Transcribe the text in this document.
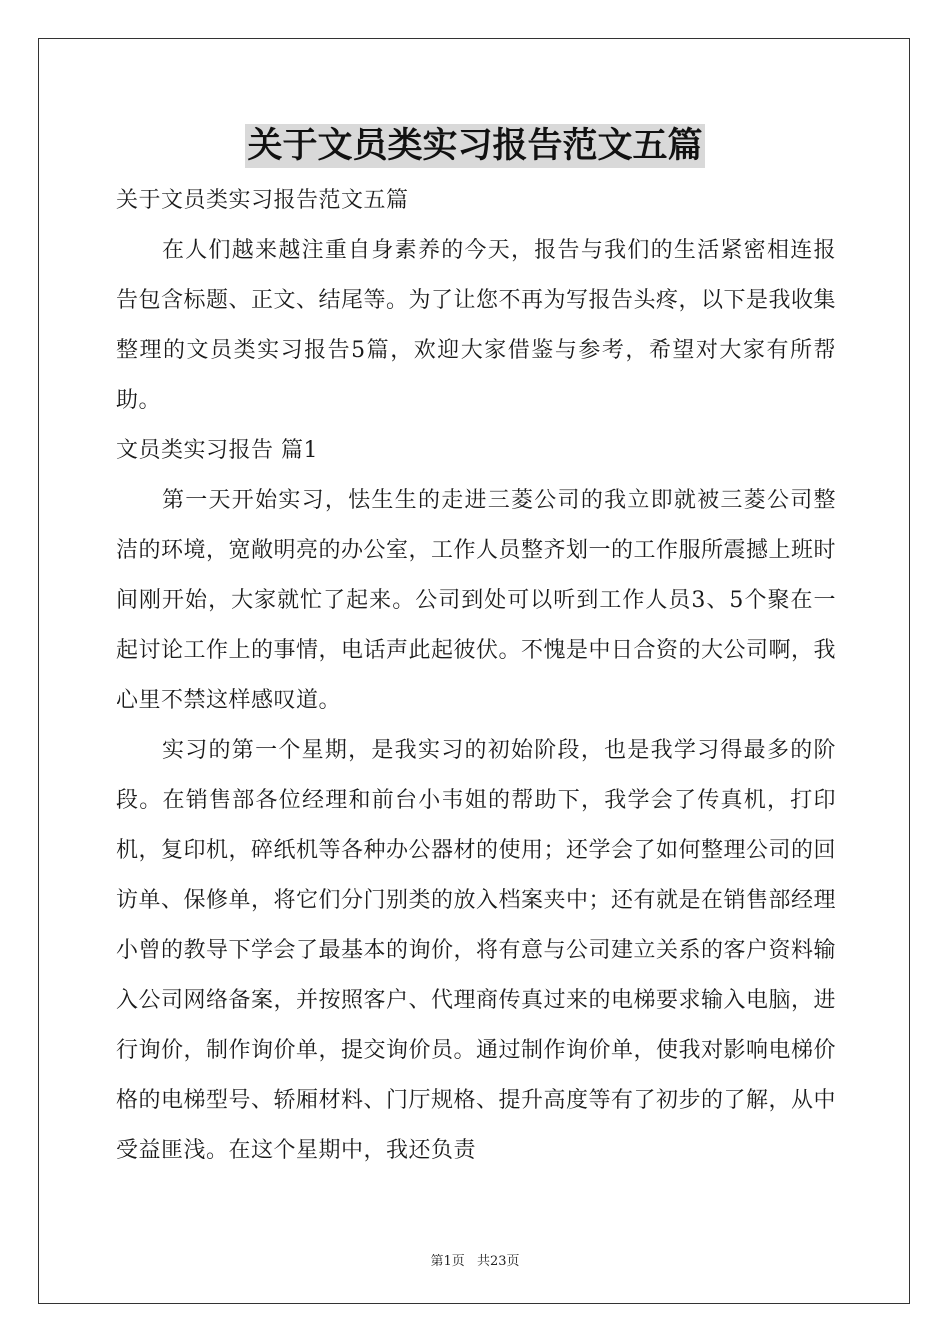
关于文员类实习报告范文五篇

关于文员类实习报告范文五篇

在人们越来越注重自身素养的今天，报告与我们的生活紧密相连报告包含标题、正文、结尾等。为了让您不再为写报告头疼，以下是我收集整理的文员类实习报告5篇，欢迎大家借鉴与参考，希望对大家有所帮助。

文员类实习报告 篇1

第一天开始实习，怯生生的走进三菱公司的我立即就被三菱公司整洁的环境，宽敞明亮的办公室，工作人员整齐划一的工作服所震撼上班时间刚开始，大家就忙了起来。公司到处可以听到工作人员3、5个聚在一起讨论工作上的事情，电话声此起彼伏。不愧是中日合资的大公司啊，我心里不禁这样感叹道。

实习的第一个星期，是我实习的初始阶段，也是我学习得最多的阶段。在销售部各位经理和前台小韦姐的帮助下，我学会了传真机，打印机，复印机，碎纸机等各种办公器材的使用；还学会了如何整理公司的回访单、保修单，将它们分门别类的放入档案夹中；还有就是在销售部经理小曾的教导下学会了最基本的询价，将有意与公司建立关系的客户资料输入公司网络备案，并按照客户、代理商传真过来的电梯要求输入电脑，进行询价，制作询价单，提交询价员。通过制作询价单，使我对影响电梯价格的电梯型号、轿厢材料、门厅规格、提升高度等有了初步的了解，从中受益匪浅。在这个星期中，我还负责

第1页 共23页
